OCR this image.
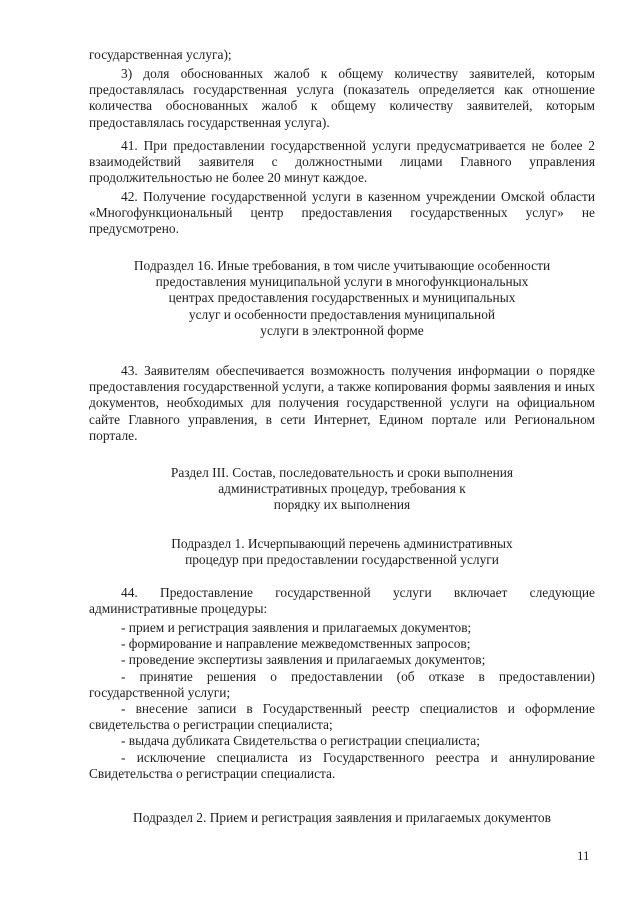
государственная услуга);

3) доля обоснованных жалоб к общему количеству заявителей, которым предоставлялась государственная услуга (показатель определяется как отношение количества обоснованных жалоб к общему количеству заявителей, которым предоставлялась государственная услуга).

41. При предоставлении государственной услуги предусматривается не более 2 взаимодействий заявителя с должностными лицами Главного управления продолжительностью не более 20 минут каждое.

42. Получение государственной услуги в казенном учреждении Омской области «Многофункциональный центр предоставления государственных услуг» не предусмотрено.

Подраздел 16. Иные требования, в том числе учитывающие особенности
предоставления муниципальной услуги в многофункциональных
центрах предоставления государственных и муниципальных
услуг и особенности предоставления муниципальной
услуги в электронной форме

43. Заявителям обеспечивается возможность получения информации о порядке предоставления государственной услуги, а также копирования формы заявления и иных документов, необходимых для получения государственной услуги на официальном сайте Главного управления, в сети Интернет, Едином портале или Региональном портале.

Раздел III. Состав, последовательность и сроки выполнения
административных процедур, требования к
порядку их выполнения
Подраздел 1. Исчерпывающий перечень административных
процедур при предоставлении государственной услуги

44. Предоставление государственной услуги включает следующие административные процедуры:

- прием и регистрация заявления и прилагаемых документов;

- формирование и направление межведомственных запросов;

- проведение экспертизы заявления и прилагаемых документов;

- принятие решения о предоставлении (об отказе в предоставлении) государственной услуги;

- внесение записи в Государственный реестр специалистов и оформление свидетельства о регистрации специалиста;

- выдача дубликата Свидетельства о регистрации специалиста;

- исключение специалиста из Государственного реестра и аннулирование Свидетельства о регистрации специалиста.

Подраздел 2. Прием и регистрация заявления и прилагаемых документов

11
